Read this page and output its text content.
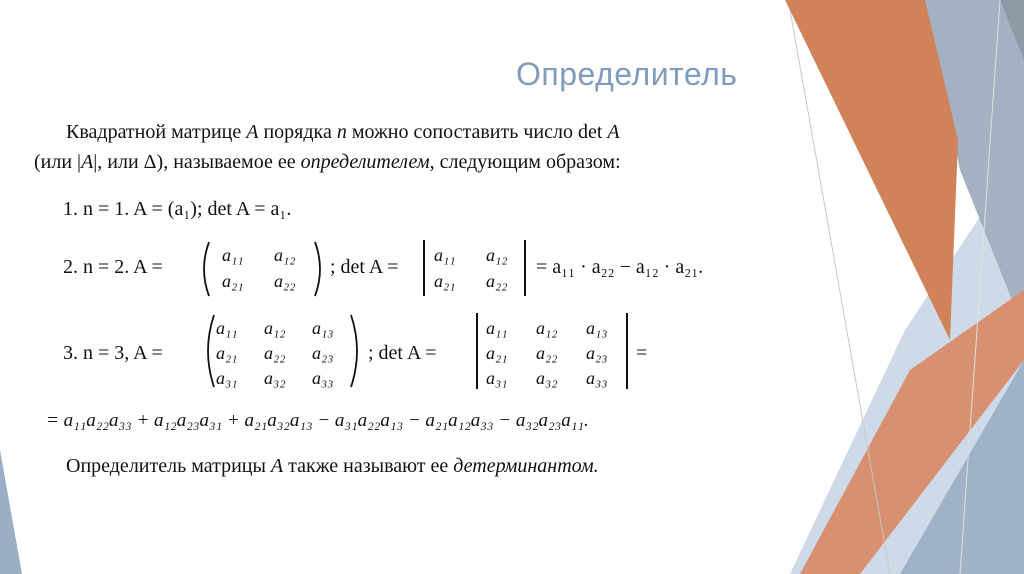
Определитель
Квадратной матрице A порядка n можно сопоставить число det A
(или |A|, или Δ), называемое ее определителем, следующим образом:
1. n = 1. A = (a₁); det A = a₁.
2. n = 2. A =
a₁₁ a₁₂
a₂₁ a₂₂
; det A =
a₁₁ a₁₂
a₂₁ a₂₂
= a₁₁ · a₂₂ − a₁₂ · a₂₁.
3. n = 3, A =
a₁₁ a₁₂ a₁₃
a₂₁ a₂₂ a₂₃
a₃₁ a₃₂ a₃₃
; det A =
a₁₁ a₁₂ a₁₃
a₂₁ a₂₂ a₂₃
a₃₁ a₃₂ a₃₃
=
= a₁₁a₂₂a₃₃ + a₁₂a₂₃a₃₁ + a₂₁a₃₂a₁₃ − a₃₁a₂₂a₁₃ − a₂₁a₁₂a₃₃ − a₃₂a₂₃a₁₁.
Определитель матрицы A также называют ее детерминантом.
